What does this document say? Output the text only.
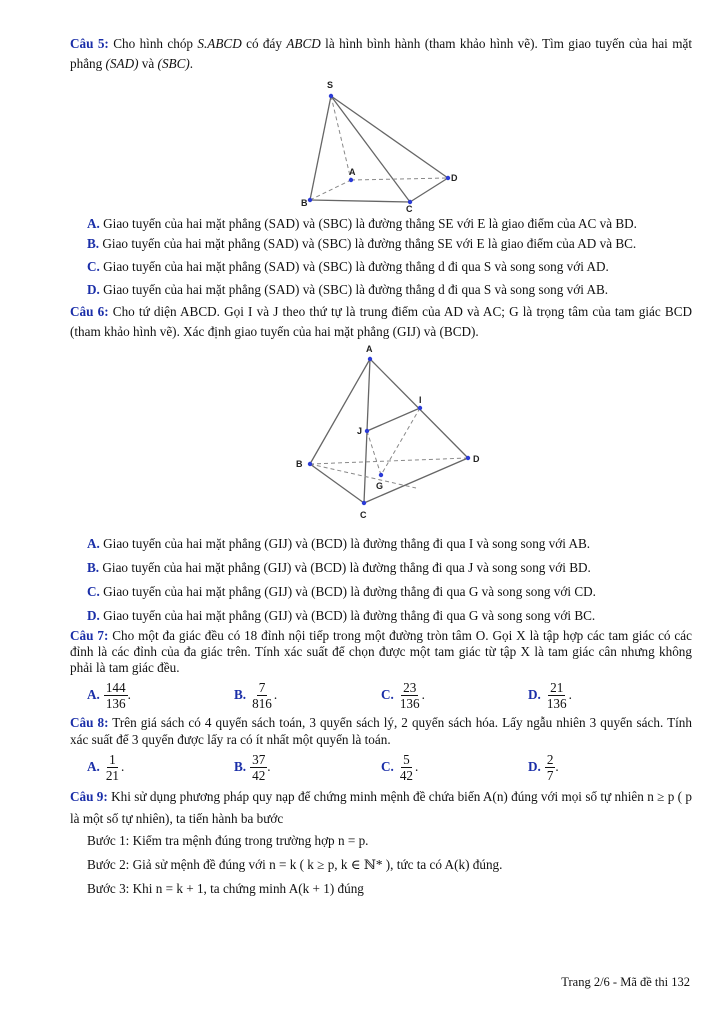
Câu 5: Cho hình chóp S.ABCD có đáy ABCD là hình bình hành (tham khảo hình vẽ). Tìm giao tuyến của hai mặt phẳng (SAD) và (SBC).

S
A
B
C
D

A. Giao tuyến của hai mặt phẳng (SAD) và (SBC) là đường thẳng SE với E là giao điểm của AC và BD.

B. Giao tuyến của hai mặt phẳng (SAD) và (SBC) là đường thẳng SE với E là giao điểm của AD và BC.

C. Giao tuyến của hai mặt phẳng (SAD) và (SBC) là đường thẳng d đi qua S và song song với AD.

D. Giao tuyến của hai mặt phẳng (SAD) và (SBC) là đường thẳng d đi qua S và song song với AB.

Câu 6: Cho tứ diện ABCD. Gọi I và J theo thứ tự là trung điểm của AD và AC; G là trọng tâm của tam giác BCD (tham khảo hình vẽ). Xác định giao tuyến của hai mặt phẳng (GIJ) và (BCD).

A
B
C
D
I
J
G

A. Giao tuyến của hai mặt phẳng (GIJ) và (BCD) là đường thẳng đi qua I và song song với AB.

B. Giao tuyến của hai mặt phẳng (GIJ) và (BCD) là đường thẳng đi qua J và song song với BD.

C. Giao tuyến của hai mặt phẳng (GIJ) và (BCD) là đường thẳng đi qua G và song song với CD.

D. Giao tuyến của hai mặt phẳng (GIJ) và (BCD) là đường thẳng đi qua G và song song với BC.

Câu 7: Cho một đa giác đều có 18 đỉnh nội tiếp trong một đường tròn tâm O. Gọi X là tập hợp các tam giác có các đỉnh là các đỉnh của đa giác trên. Tính xác suất để chọn được một tam giác từ tập X là tam giác cân nhưng không phải là tam giác đều.

A. $\frac{144}{136}$ .	B. $\frac{7}{816}$ .	C. $\frac{23}{136}$ .	D. $\frac{21}{136}$ .

Câu 8: Trên giá sách có 4 quyển sách toán, 3 quyển sách lý, 2 quyển sách hóa. Lấy ngẫu nhiên 3 quyển sách. Tính xác suất để 3 quyển được lấy ra có ít nhất một quyển là toán.

A. $\frac{1}{21}$ .	B. $\frac{37}{42}$ .	C. $\frac{5}{42}$ .	D. $\frac{2}{7}$ .

Câu 9: Khi sử dụng phương pháp quy nạp để chứng minh mệnh đề chứa biến A(n) đúng với mọi số tự nhiên n ≥ p ( p là một số tự nhiên), ta tiến hành ba bước

Bước 1: Kiểm tra mệnh đúng trong trường hợp n = p.

Bước 2: Giả sử mệnh đề đúng với n = k ( k ≥ p, k ∈ ℕ* ), tức ta có A(k) đúng.

Bước 3: Khi n = k + 1, ta chứng minh A(k + 1) đúng

Trang 2/6 - Mã đề thi 132
